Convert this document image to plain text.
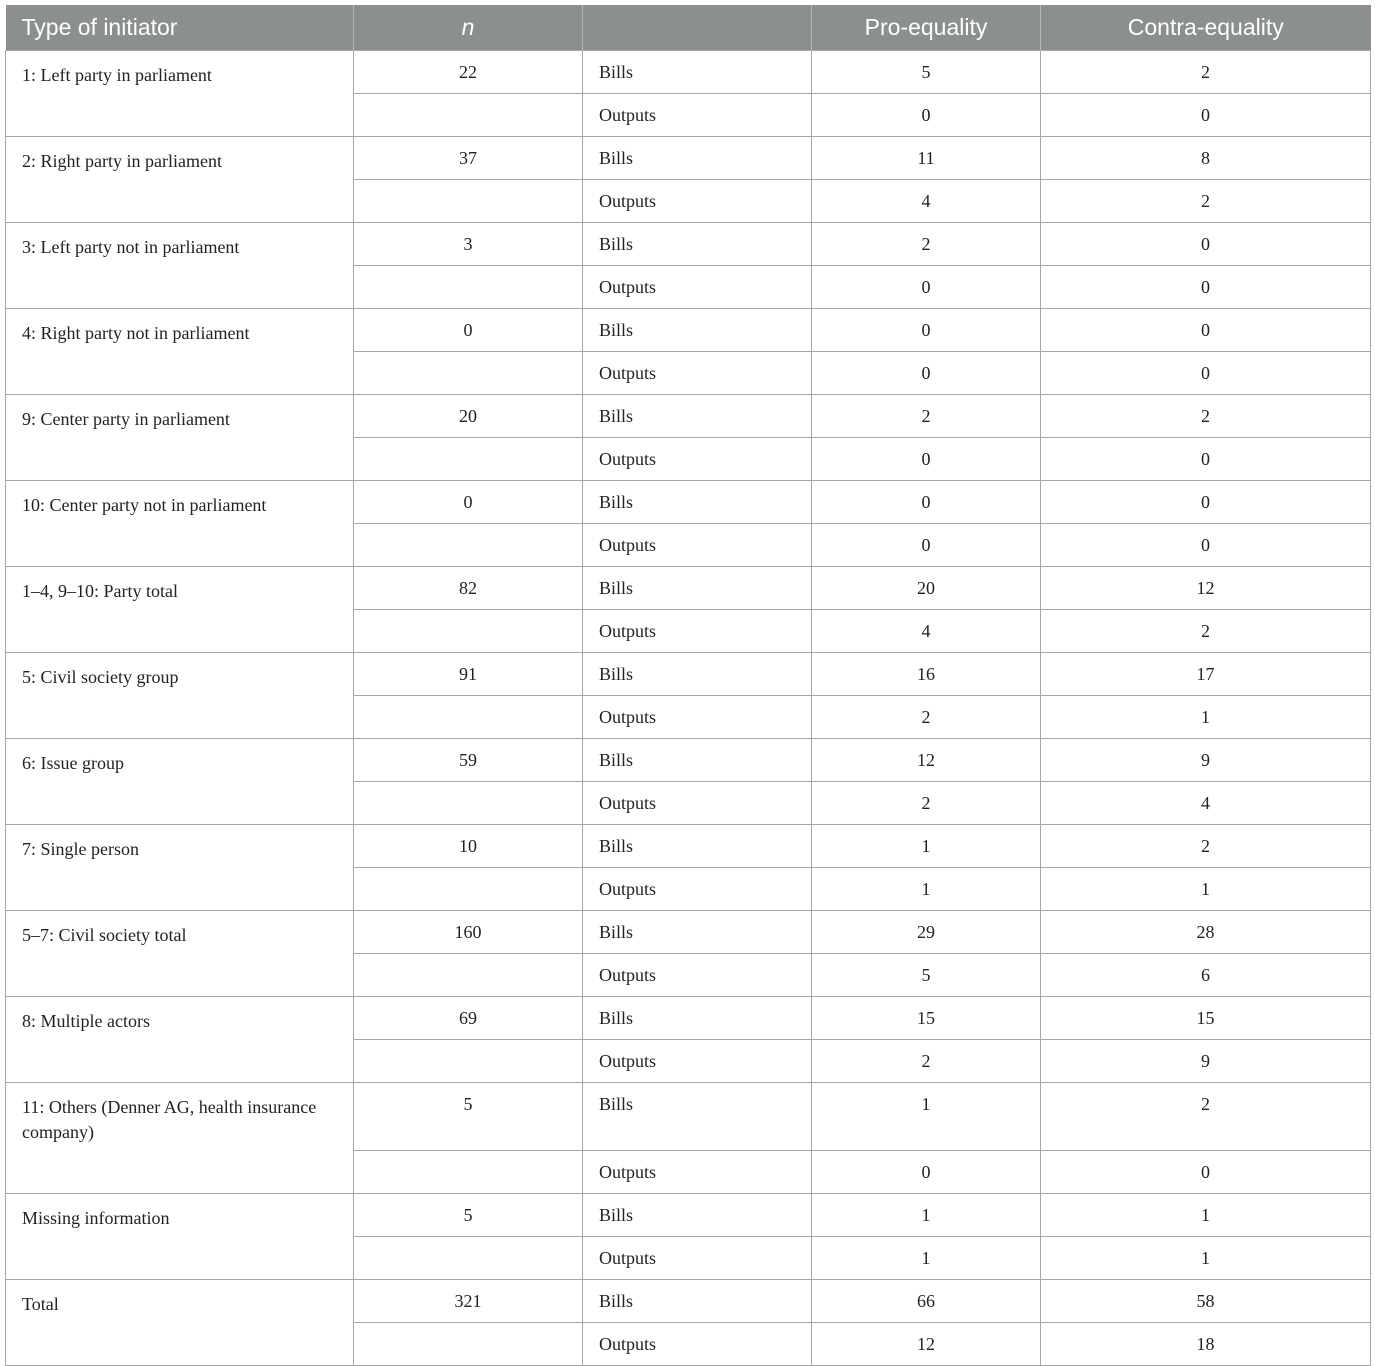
Type of initiator	n		Pro-equality	Contra-equality
1: Left party in parliament	22	Bills	5	2
		Outputs	0	0
2: Right party in parliament	37	Bills	11	8
		Outputs	4	2
3: Left party not in parliament	3	Bills	2	0
		Outputs	0	0
4: Right party not in parliament	0	Bills	0	0
		Outputs	0	0
9: Center party in parliament	20	Bills	2	2
		Outputs	0	0
10: Center party not in parliament	0	Bills	0	0
		Outputs	0	0
1–4, 9–10: Party total	82	Bills	20	12
		Outputs	4	2
5: Civil society group	91	Bills	16	17
		Outputs	2	1
6: Issue group	59	Bills	12	9
		Outputs	2	4
7: Single person	10	Bills	1	2
		Outputs	1	1
5–7: Civil society total	160	Bills	29	28
		Outputs	5	6
8: Multiple actors	69	Bills	15	15
		Outputs	2	9
11: Others (Denner AG, health insurance company)	5	Bills	1	2
		Outputs	0	0
Missing information	5	Bills	1	1
		Outputs	1	1
Total	321	Bills	66	58
		Outputs	12	18
